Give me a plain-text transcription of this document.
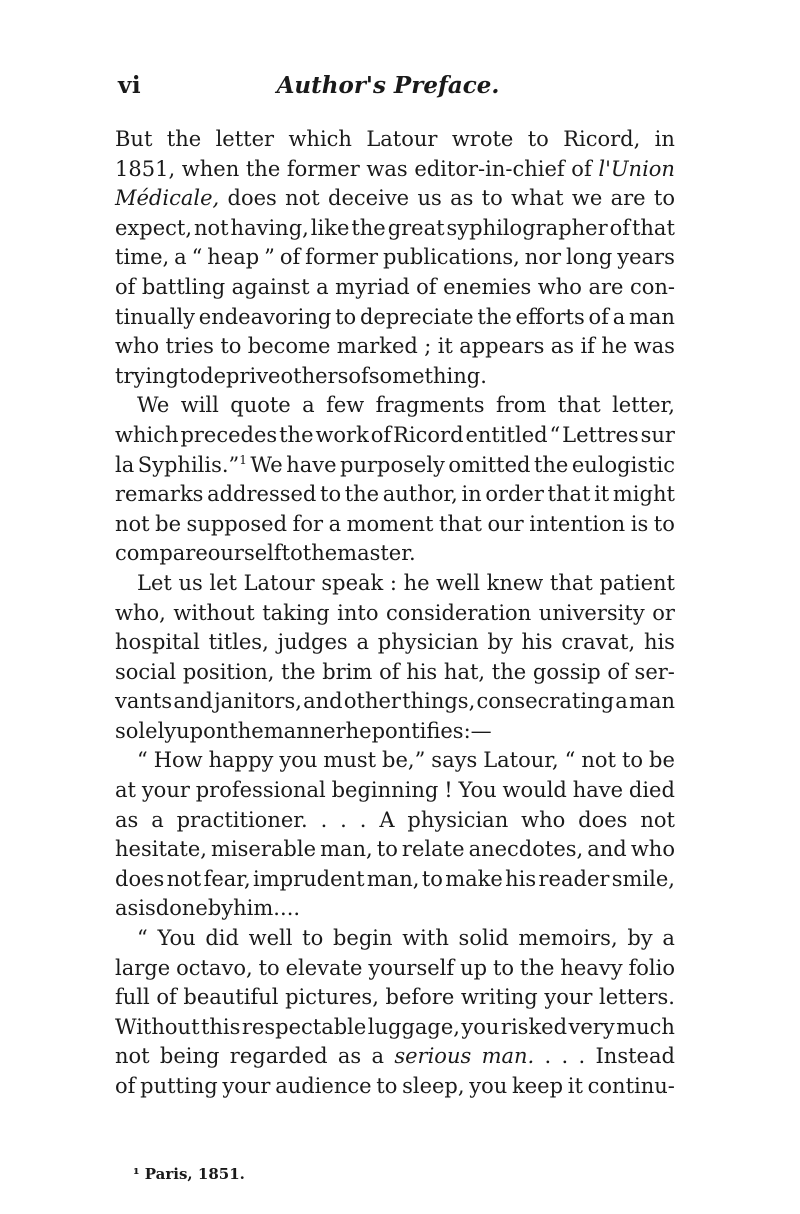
vi	Author's Preface.
But the letter which Latour wrote to Ricord, in
1851, when the former was editor-in-chief of l'Union
Médicale, does not deceive us as to what we are to
expect, not having, like the great syphilographer of that
time, a “ heap ” of former publications, nor long years
of battling against a myriad of enemies who are con-
tinually endeavoring to depreciate the efforts of a man
who tries to become marked ; it appears as if he was
trying to deprive others of something.
We will quote a few fragments from that letter,
which precedes the work of Ricord entitled “ Lettres sur
la Syphilis.”$^1$ We have purposely omitted the eulogistic
remarks addressed to the author, in order that it might
not be supposed for a moment that our intention is to
compare ourself to the master.
Let us let Latour speak : he well knew that patient
who, without taking into consideration university or
hospital titles, judges a physician by his cravat, his
social position, the brim of his hat, the gossip of ser-
vants and janitors, and other things, consecrating a man
solely upon the manner he pontifies :—
“ How happy you must be,” says Latour, “ not to be
at your professional beginning ! You would have died
as a practitioner. . . . A physician who does not
hesitate, miserable man, to relate anecdotes, and who
does not fear, imprudent man, to make his reader smile,
as is done by him. . . .
“ You did well to begin with solid memoirs, by a
large octavo, to elevate yourself up to the heavy folio
full of beautiful pictures, before writing your letters.
Without this respectable luggage, you risked very much
not being regarded as a serious man. . . . Instead
of putting your audience to sleep, you keep it continu-
¹ Paris, 1851.
